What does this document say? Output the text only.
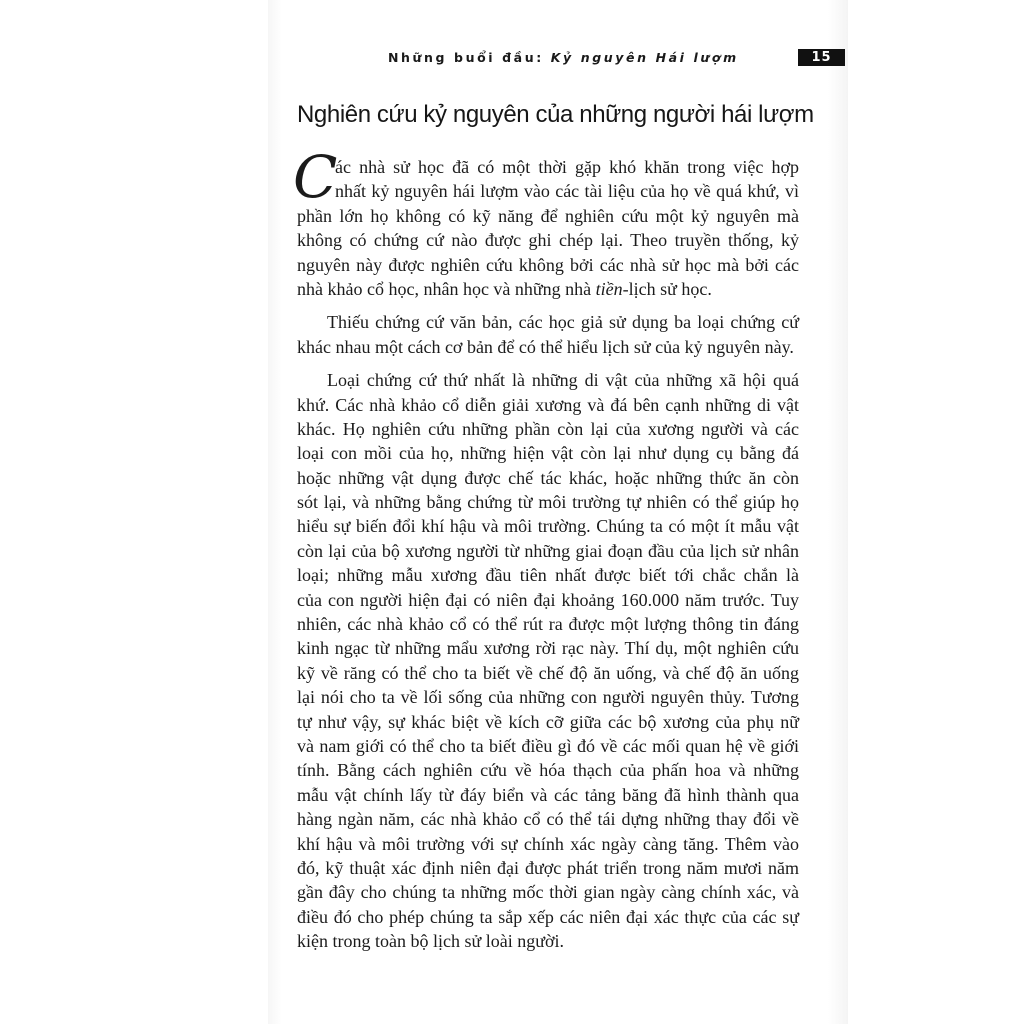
Những buổi đầu: Kỷ nguyên Hái lượm	15
Nghiên cứu kỷ nguyên của những người hái lượm
C
ác nhà sử học đã có một thời gặp khó khăn trong việc hợp
nhất kỷ nguyên hái lượm vào các tài liệu của họ về quá khứ, vì
phần lớn họ không có kỹ năng để nghiên cứu một kỷ nguyên mà
không có chứng cứ nào được ghi chép lại. Theo truyền thống, kỷ
nguyên này được nghiên cứu không bởi các nhà sử học mà bởi các
nhà khảo cổ học, nhân học và những nhà tiền-lịch sử học.
Thiếu chứng cứ văn bản, các học giả sử dụng ba loại chứng cứ
khác nhau một cách cơ bản để có thể hiểu lịch sử của kỷ nguyên này.
Loại chứng cứ thứ nhất là những di vật của những xã hội quá
khứ. Các nhà khảo cổ diễn giải xương và đá bên cạnh những di vật
khác. Họ nghiên cứu những phần còn lại của xương người và các
loại con mồi của họ, những hiện vật còn lại như dụng cụ bằng đá
hoặc những vật dụng được chế tác khác, hoặc những thức ăn còn
sót lại, và những bằng chứng từ môi trường tự nhiên có thể giúp họ
hiểu sự biến đổi khí hậu và môi trường. Chúng ta có một ít mẫu vật
còn lại của bộ xương người từ những giai đoạn đầu của lịch sử nhân
loại; những mẫu xương đầu tiên nhất được biết tới chắc chắn là
của con người hiện đại có niên đại khoảng 160.000 năm trước. Tuy
nhiên, các nhà khảo cổ có thể rút ra được một lượng thông tin đáng
kinh ngạc từ những mẩu xương rời rạc này. Thí dụ, một nghiên cứu
kỹ về răng có thể cho ta biết về chế độ ăn uống, và chế độ ăn uống
lại nói cho ta về lối sống của những con người nguyên thủy. Tương
tự như vậy, sự khác biệt về kích cỡ giữa các bộ xương của phụ nữ
và nam giới có thể cho ta biết điều gì đó về các mối quan hệ về giới
tính. Bằng cách nghiên cứu về hóa thạch của phấn hoa và những
mẫu vật chính lấy từ đáy biển và các tảng băng đã hình thành qua
hàng ngàn năm, các nhà khảo cổ có thể tái dựng những thay đổi về
khí hậu và môi trường với sự chính xác ngày càng tăng. Thêm vào
đó, kỹ thuật xác định niên đại được phát triển trong năm mươi năm
gần đây cho chúng ta những mốc thời gian ngày càng chính xác, và
điều đó cho phép chúng ta sắp xếp các niên đại xác thực của các sự
kiện trong toàn bộ lịch sử loài người.
